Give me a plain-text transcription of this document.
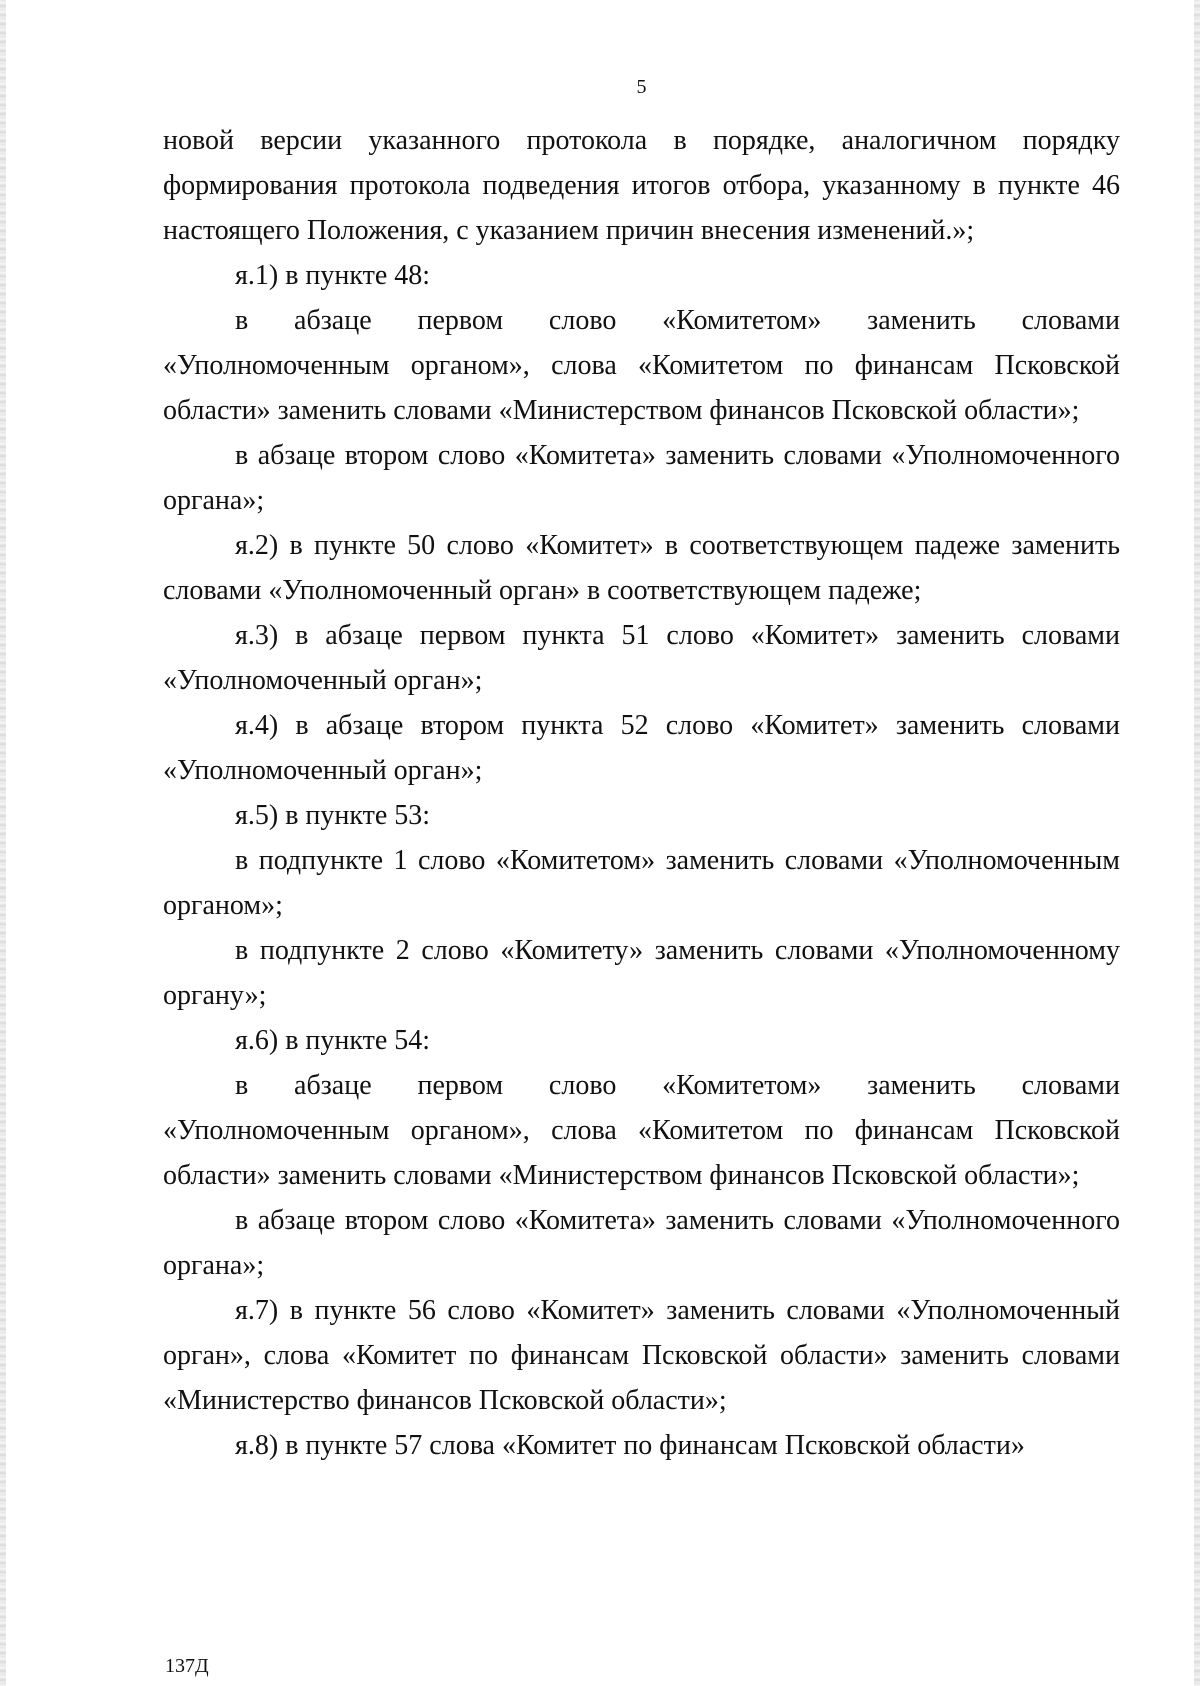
5

новой версии указанного протокола в порядке, аналогичном порядку формирования протокола подведения итогов отбора, указанному в пункте 46 настоящего Положения, с указанием причин внесения изменений.»;

я.1) в пункте 48:

в абзаце первом слово «Комитетом» заменить словами «Уполномоченным органом», слова «Комитетом по финансам Псковской области» заменить словами «Министерством финансов Псковской области»;

в абзаце втором слово «Комитета» заменить словами «Уполномоченного органа»;

я.2) в пункте 50 слово «Комитет» в соответствующем падеже заменить словами «Уполномоченный орган» в соответствующем падеже;

я.3) в абзаце первом пункта 51 слово «Комитет» заменить словами «Уполномоченный орган»;

я.4) в абзаце втором пункта 52 слово «Комитет» заменить словами «Уполномоченный орган»;

я.5) в пункте 53:

в подпункте 1 слово «Комитетом» заменить словами «Уполномоченным органом»;

в подпункте 2 слово «Комитету» заменить словами «Уполномоченному органу»;

я.6) в пункте 54:

в абзаце первом слово «Комитетом» заменить словами «Уполномоченным органом», слова «Комитетом по финансам Псковской области» заменить словами «Министерством финансов Псковской области»;

в абзаце втором слово «Комитета» заменить словами «Уполномоченного органа»;

я.7) в пункте 56 слово «Комитет» заменить словами «Уполномоченный орган», слова «Комитет по финансам Псковской области» заменить словами «Министерство финансов Псковской области»;

я.8) в пункте 57 слова «Комитет по финансам Псковской области»

137Д
